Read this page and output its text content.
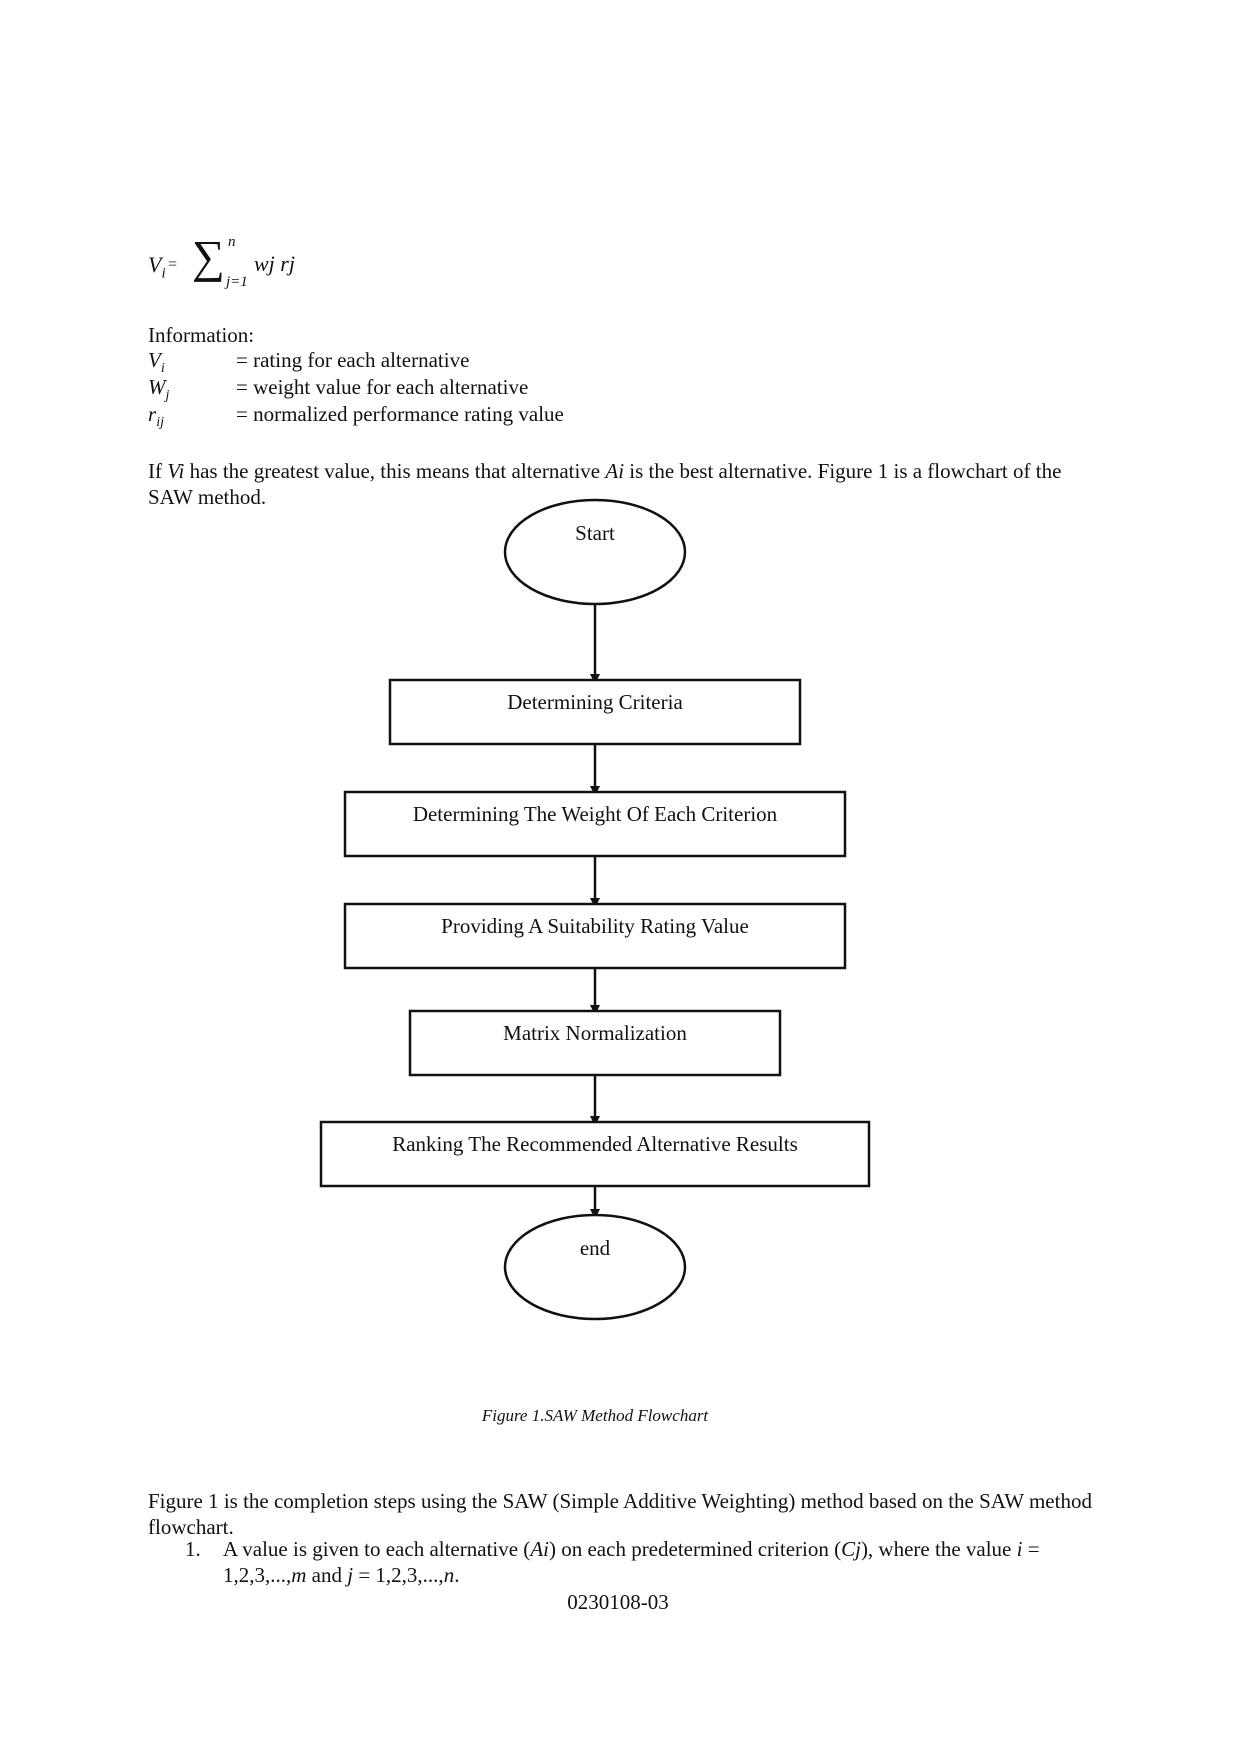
$V_i$
= ∑ n
j=1
wj rj
Information:
$V_i$	= rating for each alternative
$W_j$	= weight value for each alternative
$r_{ij}$	= normalized performance rating value
If Vi has the greatest value, this means that alternative Ai is the best alternative. Figure 1 is a flowchart of the SAW method.
Start
Determining Criteria
Determining The Weight Of Each Criterion
Providing A Suitability Rating Value
Matrix Normalization
Ranking The Recommended Alternative Results
end
Figure 1.SAW Method Flowchart
Figure 1 is the completion steps using the SAW (Simple Additive Weighting) method based on the SAW method flowchart.
1. A value is given to each alternative (Ai) on each predetermined criterion (Cj), where the value i = 1,2,3,...,m and j = 1,2,3,...,n.
0230108-03
